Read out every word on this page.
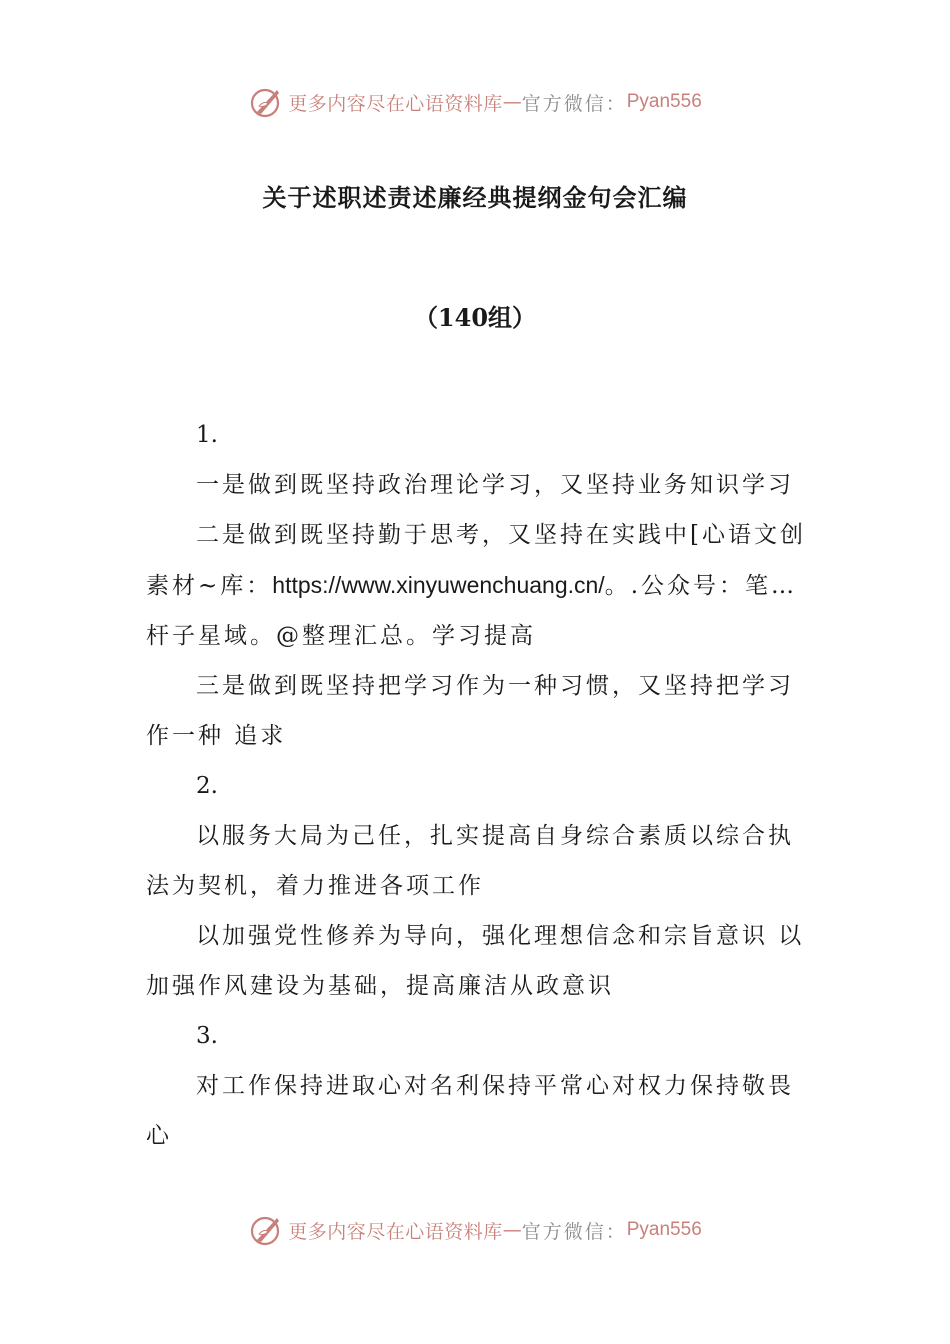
更多内容尽在心语资料库 — 官方微信： Pyan556
关于述职述责述廉经典提纲金句会汇编
（140组）

1.

一是做到既坚持政治理论学习，又坚持业务知识学习

二是做到既坚持勤于思考，又坚持在实践中[心语文创素材~库：https://www.xinyuwenchuang.cn/。.公众号：笔…杆子星域。@整理汇总。学习提高

三是做到既坚持把学习作为一种习惯，又坚持把学习作一种 追求

2.

以服务大局为己任，扎实提高自身综合素质以综合执法为契机，着力推进各项工作

以加强党性修养为导向，强化理想信念和宗旨意识 以加强作风建设为基础，提高廉洁从政意识

3.

对工作保持进取心对名利保持平常心对权力保持敬畏心

更多内容尽在心语资料库 — 官方微信： Pyan556
